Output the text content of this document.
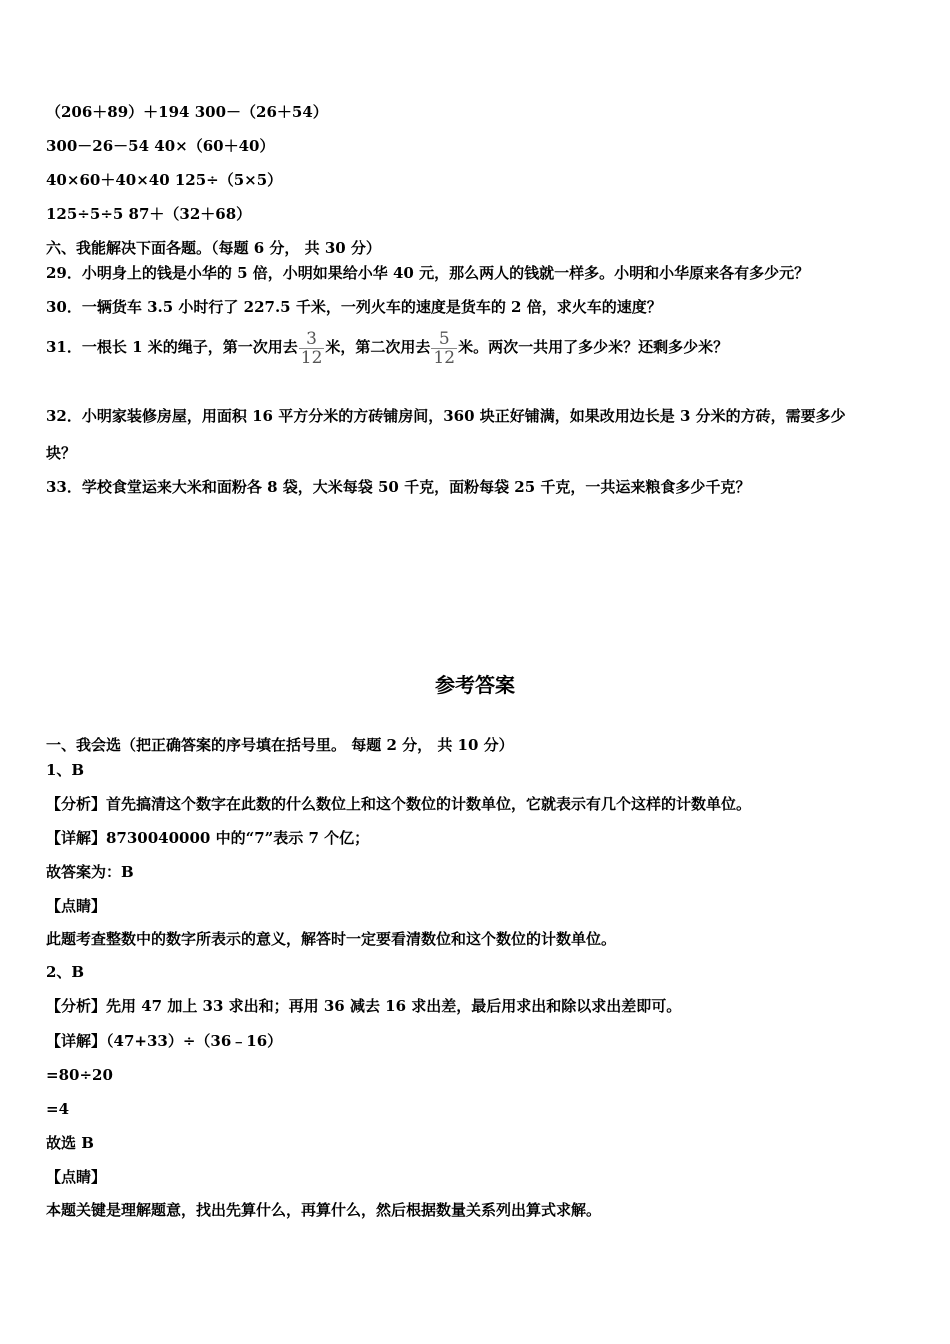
（206＋89）＋194 300－（26＋54）
300－26－54 40×（60＋40）
40×60＋40×40 125÷（5×5）
125÷5÷5 87＋（32＋68）
六、我能解决下面各题。（每题 6 分， 共 30 分）
29．小明身上的钱是小华的 5 倍，小明如果给小华 40 元，那么两人的钱就一样多。小明和小华原来各有多少元？
30．一辆货车 3.5 小时行了 227.5 千米，一列火车的速度是货车的 2 倍，求火车的速度？
31．一根长 1 米的绳子，第一次用去 $\frac{3}{12}$ 米，第二次用去 $\frac{5}{12}$ 米。两次一共用了多少米？还剩多少米？
32．小明家装修房屋，用面积 16 平方分米的方砖铺房间，360 块正好铺满，如果改用边长是 3 分米的方砖，需要多少
块？
33．学校食堂运来大米和面粉各 8 袋，大米每袋 50 千克，面粉每袋 25 千克，一共运来粮食多少千克？
参考答案
一、我会选（把正确答案的序号填在括号里。 每题 2 分， 共 10 分）
1、B
【分析】首先搞清这个数字在此数的什么数位上和这个数位的计数单位，它就表示有几个这样的计数单位。
【详解】8730040000 中的“7”表示 7 个亿；
故答案为：B
【点睛】
此题考查整数中的数字所表示的意义，解答时一定要看清数位和这个数位的计数单位。
2、B
【分析】先用 47 加上 33 求出和；再用 36 减去 16 求出差，最后用求出和除以求出差即可。
【详解】（47+33）÷（36﹣16）
=80÷20
=4
故选 B
【点睛】
本题关键是理解题意，找出先算什么，再算什么，然后根据数量关系列出算式求解。
